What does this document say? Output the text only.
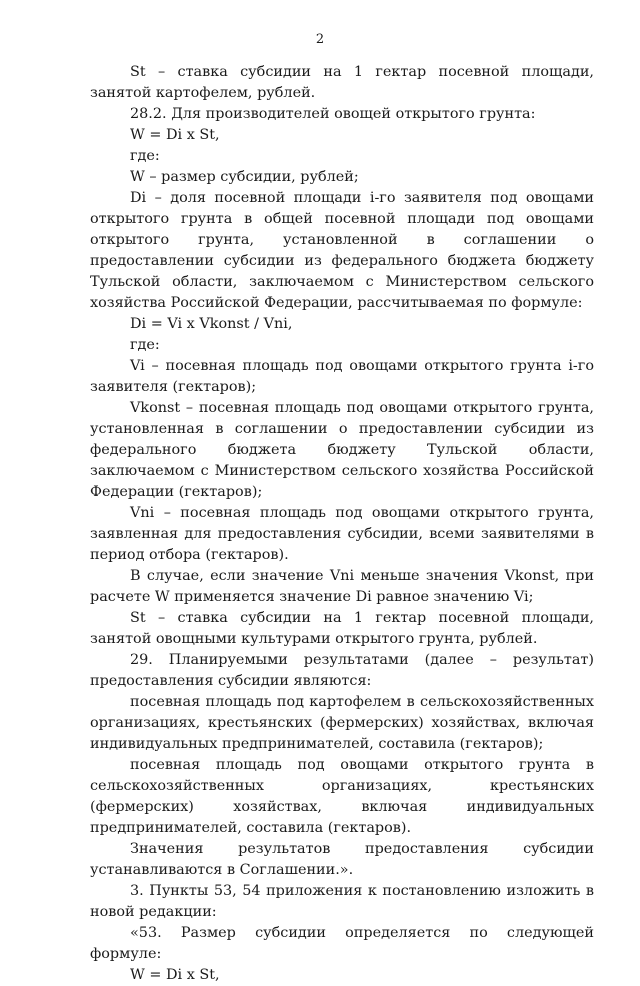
2

St – ставка субсидии на 1 гектар посевной площади, занятой картофелем, рублей.

28.2. Для производителей овощей открытого грунта:

W = Di x St,

где:

W – размер субсидии, рублей;

Di – доля посевной площади i-го заявителя под овощами открытого грунта в общей посевной площади под овощами открытого грунта, установленной в соглашении о предоставлении субсидии из федерального бюджета бюджету Тульской области, заключаемом с Министерством сельского хозяйства Российской Федерации, рассчитываемая по формуле:

Di = Vi x Vkonst / Vni,

где:

Vi – посевная площадь под овощами открытого грунта i-го заявителя (гектаров);

Vkonst – посевная площадь под овощами открытого грунта, установленная в соглашении о предоставлении субсидии из федерального бюджета бюджету Тульской области, заключаемом с Министерством сельского хозяйства Российской Федерации (гектаров);

Vni – посевная площадь под овощами открытого грунта, заявленная для предоставления субсидии, всеми заявителями в период отбора (гектаров).

В случае, если значение Vni меньше значения Vkonst, при расчете W применяется значение Di равное значению Vi;

St – ставка субсидии на 1 гектар посевной площади, занятой овощными культурами открытого грунта, рублей.

29. Планируемыми результатами (далее – результат) предоставления субсидии являются:

посевная площадь под картофелем в сельскохозяйственных организациях, крестьянских (фермерских) хозяйствах, включая индивидуальных предпринимателей, составила (гектаров);

посевная площадь под овощами открытого грунта в сельскохозяйственных организациях, крестьянских (фермерских) хозяйствах, включая индивидуальных предпринимателей, составила (гектаров).

Значения результатов предоставления субсидии устанавливаются в Соглашении.».

3. Пункты 53, 54 приложения к постановлению изложить в новой редакции:

«53. Размер субсидии определяется по следующей формуле:

W = Di x St,
